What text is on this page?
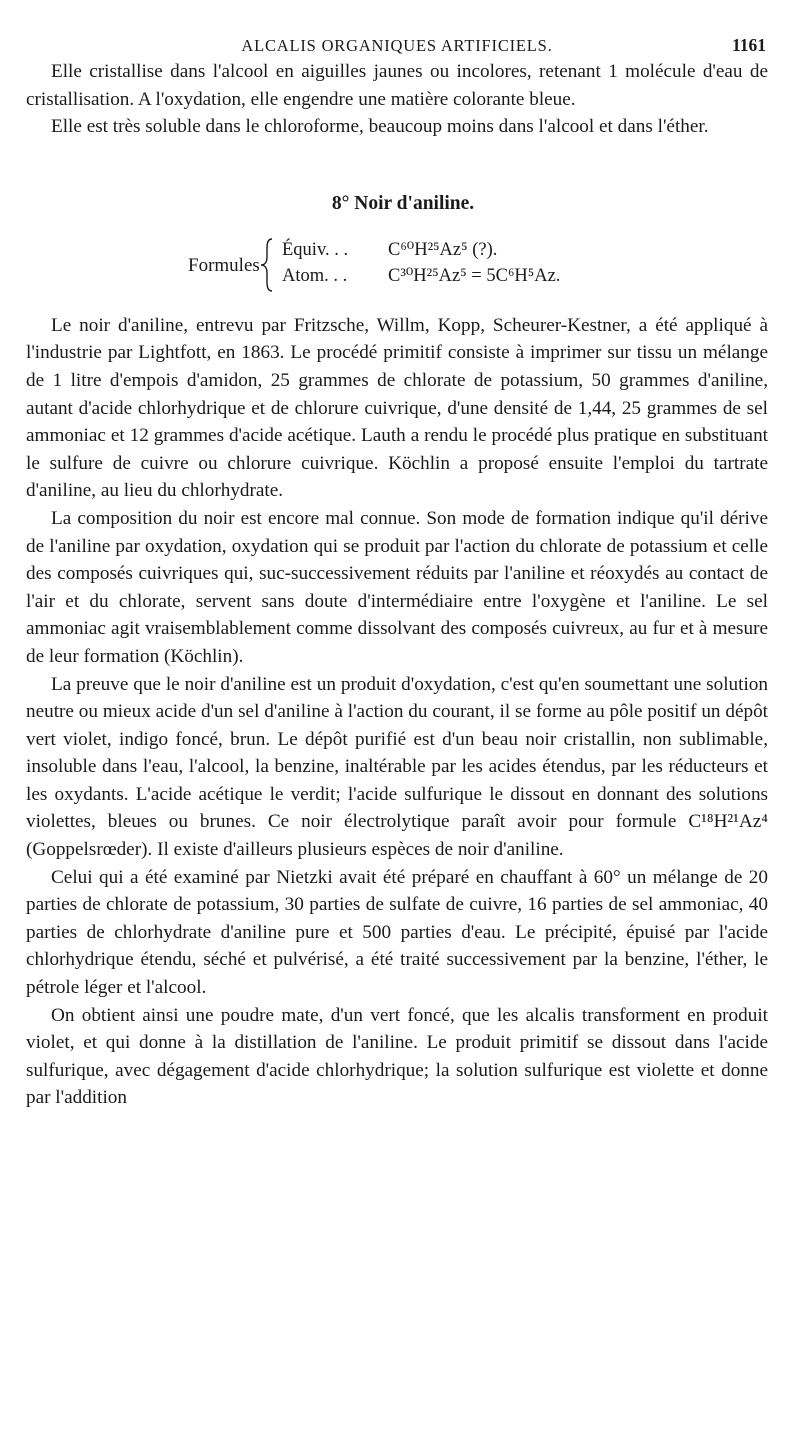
ALCALIS ORGANIQUES ARTIFICIELS.	1161

Elle cristallise dans l'alcool en aiguilles jaunes ou incolores, retenant 1 molécule d'eau de cristallisation. A l'oxydation, elle engendre une matière colorante bleue.

Elle est très soluble dans le chloroforme, beaucoup moins dans l'alcool et dans l'éther.

8° Noir d'aniline.
Formules
Équiv. . . C⁶⁰H²⁵Az⁵ (?).
Atom. . . C³⁰H²⁵Az⁵ = 5C⁶H⁵Az.

Le noir d'aniline, entrevu par Fritzsche, Willm, Kopp, Scheurer-Kestner, a été appliqué à l'industrie par Lightfott, en 1863. Le procédé primitif consiste à imprimer sur tissu un mélange de 1 litre d'empois d'amidon, 25 grammes de chlorate de potassium, 50 grammes d'aniline, autant d'acide chlorhydrique et de chlorure cuivrique, d'une densité de 1,44, 25 grammes de sel ammoniac et 12 grammes d'acide acétique. Lauth a rendu le procédé plus pratique en substituant le sulfure de cuivre ou chlorure cuivrique. Köchlin a proposé ensuite l'emploi du tartrate d'aniline, au lieu du chlorhydrate.

La composition du noir est encore mal connue. Son mode de formation indique qu'il dérive de l'aniline par oxydation, oxydation qui se produit par l'action du chlorate de potassium et celle des composés cuivriques qui, suc-successivement réduits par l'aniline et réoxydés au contact de l'air et du chlorate, servent sans doute d'intermédiaire entre l'oxygène et l'aniline. Le sel ammoniac agit vraisemblablement comme dissolvant des composés cuivreux, au fur et à mesure de leur formation (Köchlin).

La preuve que le noir d'aniline est un produit d'oxydation, c'est qu'en soumettant une solution neutre ou mieux acide d'un sel d'aniline à l'action du courant, il se forme au pôle positif un dépôt vert violet, indigo foncé, brun. Le dépôt purifié est d'un beau noir cristallin, non sublimable, insoluble dans l'eau, l'alcool, la benzine, inaltérable par les acides étendus, par les réducteurs et les oxydants. L'acide acétique le verdit; l'acide sulfurique le dissout en donnant des solutions violettes, bleues ou brunes. Ce noir électrolytique paraît avoir pour formule C¹⁸H²¹Az⁴ (Goppelsrœder). Il existe d'ailleurs plusieurs espèces de noir d'aniline.

Celui qui a été examiné par Nietzki avait été préparé en chauffant à 60° un mélange de 20 parties de chlorate de potassium, 30 parties de sulfate de cuivre, 16 parties de sel ammoniac, 40 parties de chlorhydrate d'aniline pure et 500 parties d'eau. Le précipité, épuisé par l'acide chlorhydrique étendu, séché et pulvérisé, a été traité successivement par la benzine, l'éther, le pétrole léger et l'alcool.

On obtient ainsi une poudre mate, d'un vert foncé, que les alcalis transforment en produit violet, et qui donne à la distillation de l'aniline. Le produit primitif se dissout dans l'acide sulfurique, avec dégagement d'acide chlorhydrique; la solution sulfurique est violette et donne par l'addition
